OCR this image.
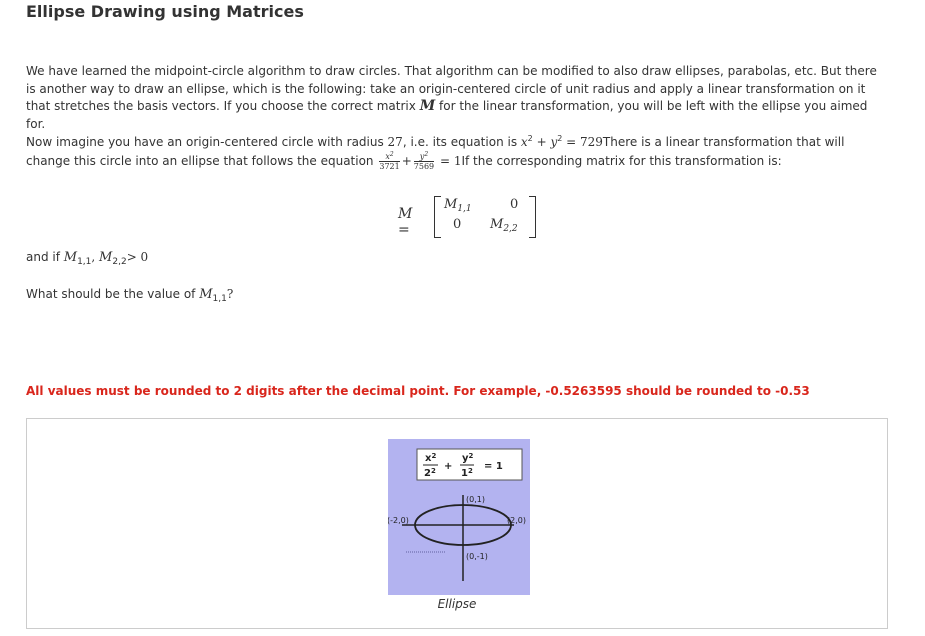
Ellipse Drawing using Matrices
We have learned the midpoint-circle algorithm to draw circles. That algorithm can be modified to also draw ellipses, parabolas, etc. But there is another way to draw an ellipse, which is the following: take an origin-centered circle of unit radius and apply a linear transformation on it that stretches the basis vectors. If you choose the correct matrix M for the linear transformation, you will be left with the ellipse you aimed for.
Now imagine you have an origin-centered circle with radius 27, i.e. its equation is $x^2 + y^2$ = 729There is a linear transformation that will change this circle into an ellipse that follows the equation $\frac{x^2}{3721} + \frac{y^2}{7569} = 1If$ the corresponding matrix for this transformation is:
M =
$M_{1,1}$	0
0 $M_{2,2}$
and if $M_{1,1}$, $M_{2,2}> 0$
What should be the value of $M_{1,1}$?
All values must be rounded to 2 digits after the decimal point. For example, -0.5263595 should be rounded to -0.53
$x^2$
$2^2$ +
$y^2$
$1^2 = 1$
(0,1)
(-2,0)	(2,0)
(0,-1)
Ellipse
